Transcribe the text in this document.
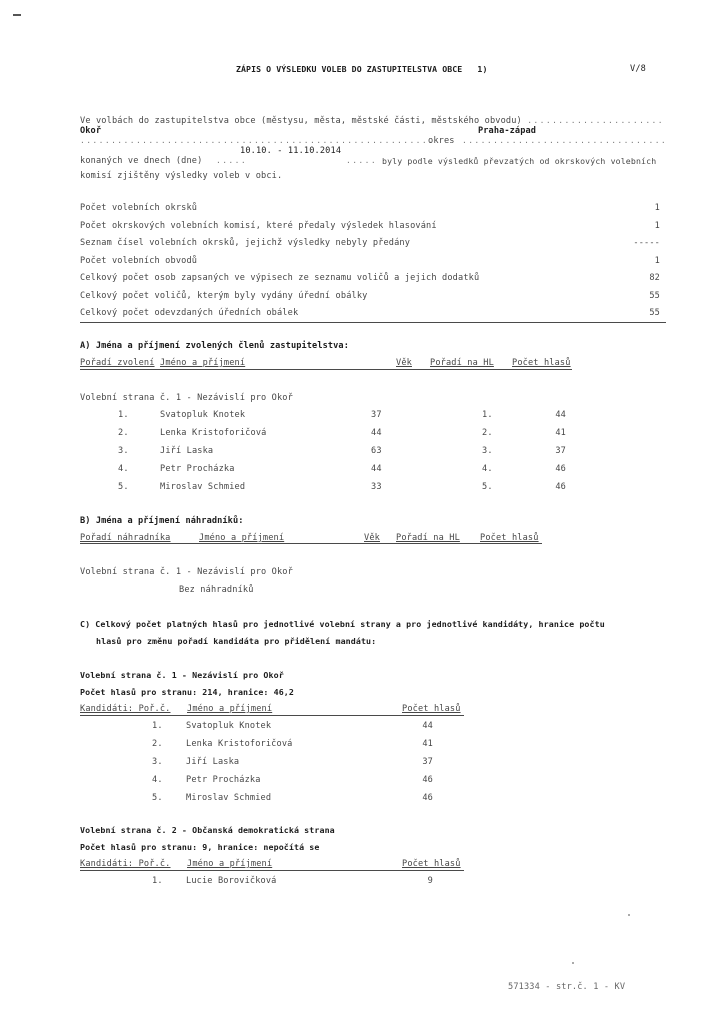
ZÁPIS O VÝSLEDKU VOLEB DO ZASTUPITELSTVA OBCE 1)	V/8
Ve volbách do zastupitelstva obce (městysu, města, městské části, městského obvodu) ......................
Okoř
.........................................................
okres
Praha-západ
.................................
konaných ve dnech (dne) .....
10.10. - 11.10.2014
..... byly podle výsledků převzatých od okrskových volebních
komisí zjištěny výsledky voleb v obci.
Počet volebních okrsků	1
Počet okrskových volebních komisí, které předaly výsledek hlasování	1
Seznam čísel volebních okrsků, jejichž výsledky nebyly předány	-----
Počet volebních obvodů	1
Celkový počet osob zapsaných ve výpisech ze seznamu voličů a jejich dodatků	82
Celkový počet voličů, kterým byly vydány úřední obálky	55
Celkový počet odevzdaných úředních obálek	55
A) Jména a příjmení zvolených členů zastupitelstva:
Pořadí zvolení Jméno a příjmení	Věk Pořadí na HL Počet hlasů
Volební strana č. 1 - Nezávislí pro Okoř
1.	Svatopluk Knotek	37	1.	44
2.	Lenka Kristoforičová	44	2.	41
3.	Jiří Laska	63	3.	37
4.	Petr Procházka	44	4.	46
5.	Miroslav Schmied	33	5.	46
B) Jména a příjmení náhradníků:
Pořadí náhradníka	Jméno a příjmení	Věk Pořadí na HL Počet hlasů
Volební strana č. 1 - Nezávislí pro Okoř
Bez náhradníků
C) Celkový počet platných hlasů pro jednotlivé volební strany a pro jednotlivé kandidáty, hranice počtu
hlasů pro změnu pořadí kandidáta pro přidělení mandátu:
Volební strana č. 1 - Nezávislí pro Okoř
Počet hlasů pro stranu: 214, hranice: 46,2
Kandidáti: Poř.č. Jméno a příjmení	Počet hlasů
1.	Svatopluk Knotek	44
2.	Lenka Kristoforičová	41
3.	Jiří Laska	37
4.	Petr Procházka	46
5.	Miroslav Schmied	46
Volební strana č. 2 - Občanská demokratická strana
Počet hlasů pro stranu: 9, hranice: nepočítá se
Kandidáti: Poř.č. Jméno a příjmení	Počet hlasů
1.	Lucie Borovičková	9
571334 - str.č. 1 - KV
